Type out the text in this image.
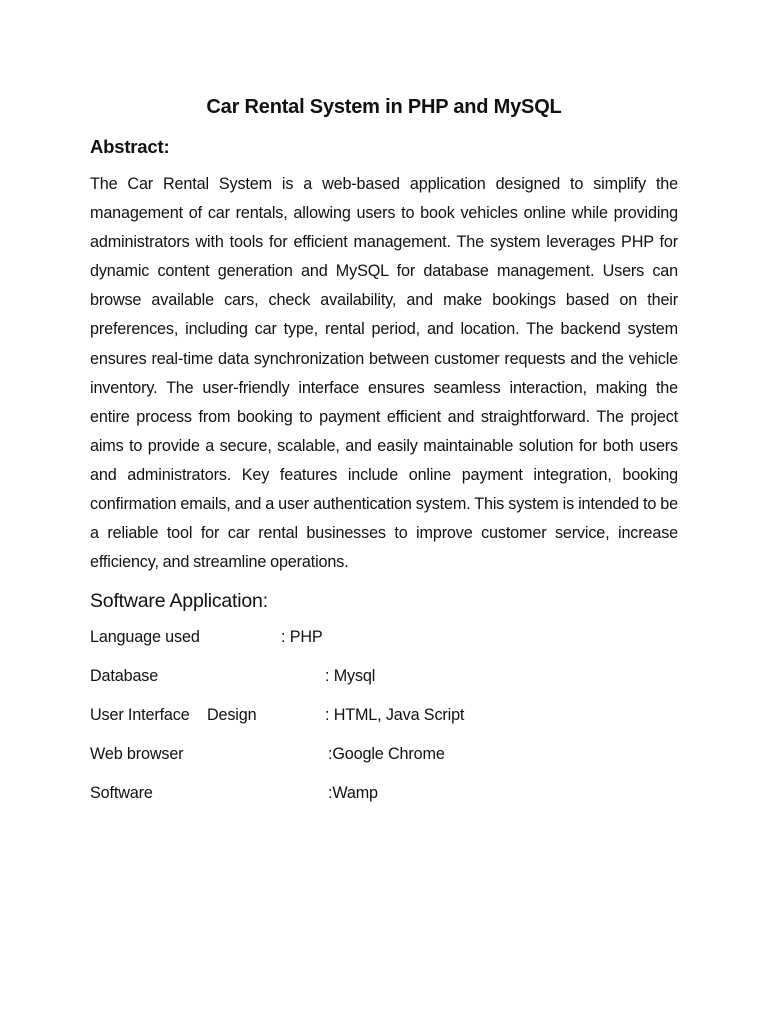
Car Rental System in PHP and MySQL
Abstract:

The Car Rental System is a web-based application designed to simplify the management of car rentals, allowing users to book vehicles online while providing administrators with tools for efficient management. The system leverages PHP for dynamic content generation and MySQL for database management. Users can browse available cars, check availability, and make bookings based on their preferences, including car type, rental period, and location. The backend system ensures real-time data synchronization between customer requests and the vehicle inventory. The user-friendly interface ensures seamless interaction, making the entire process from booking to payment efficient and straightforward. The project aims to provide a secure, scalable, and easily maintainable solution for both users and administrators. Key features include online payment integration, booking confirmation emails, and a user authentication system. This system is intended to be a reliable tool for car rental businesses to improve customer service, increase efficiency, and streamline operations.

Software Application:
Language used	: PHP
Database	: Mysql
User Interface    Design	: HTML, Java Script
Web browser	:Google Chrome
Software	:Wamp
